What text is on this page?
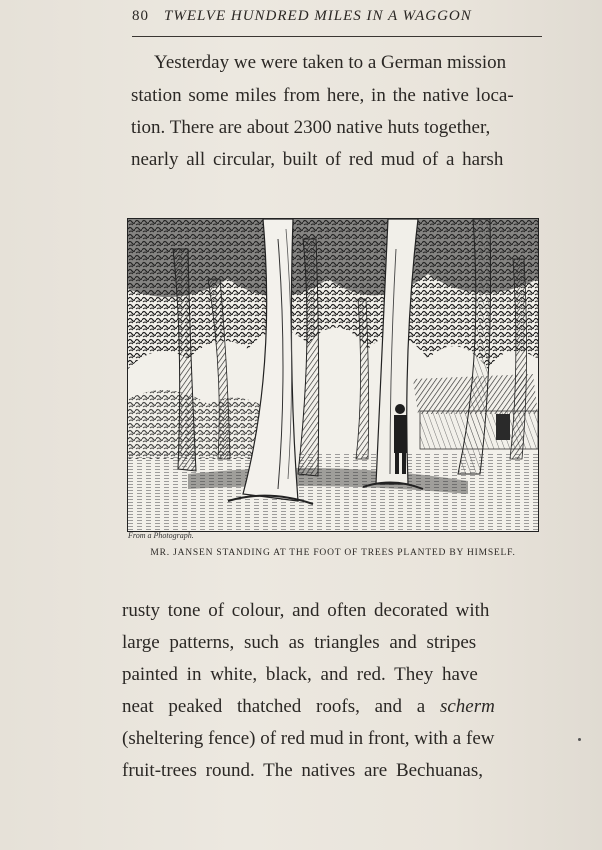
80 TWELVE HUNDRED MILES IN A WAGGON
Yesterday we were taken to a German mission
station some miles from here, in the native loca-
tion. There are about 2300 native huts together,
nearly all circular, built of red mud of a harsh
From a Photograph.
MR. JANSEN STANDING AT THE FOOT OF TREES PLANTED BY HIMSELF.
rusty tone of colour, and often decorated with
large patterns, such as triangles and stripes
painted in white, black, and red. They have
neat peaked thatched roofs, and a scherm
(sheltering fence) of red mud in front, with a few
fruit-trees round. The natives are Bechuanas,
